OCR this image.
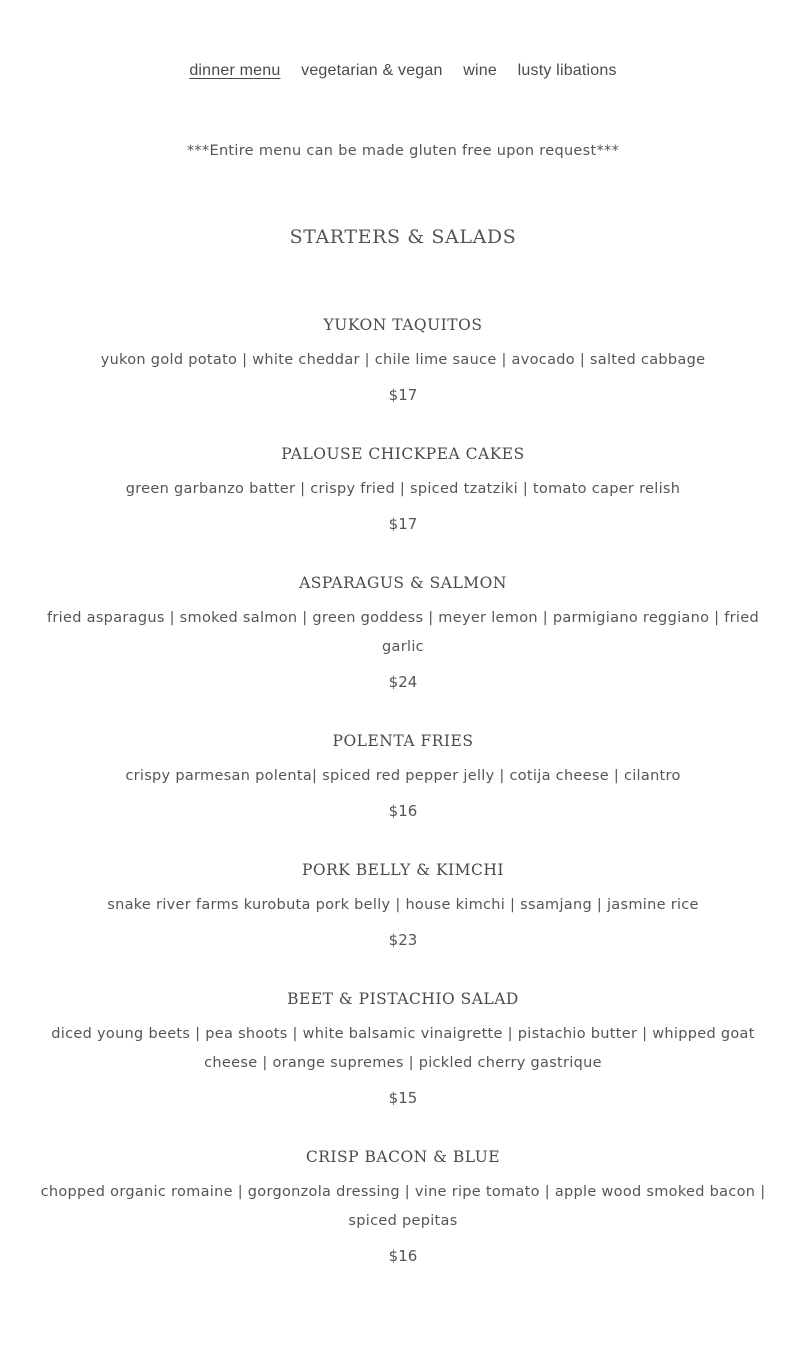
dinner menu vegetarian & vegan wine lusty libations
***Entire menu can be made gluten free upon request***
STARTERS & SALADS
YUKON TAQUITOS
yukon gold potato | white cheddar | chile lime sauce | avocado | salted cabbage
$17
PALOUSE CHICKPEA CAKES
green garbanzo batter | crispy fried | spiced tzatziki | tomato caper relish
$17
ASPARAGUS & SALMON
fried asparagus | smoked salmon | green goddess | meyer lemon | parmigiano reggiano | fried garlic
$24
POLENTA FRIES
crispy parmesan polenta| spiced red pepper jelly | cotija cheese | cilantro
$16
PORK BELLY & KIMCHI
snake river farms kurobuta pork belly | house kimchi | ssamjang | jasmine rice
$23
BEET & PISTACHIO SALAD
diced young beets | pea shoots | white balsamic vinaigrette | pistachio butter | whipped goat cheese | orange supremes | pickled cherry gastrique
$15
CRISP BACON & BLUE
chopped organic romaine | gorgonzola dressing | vine ripe tomato | apple wood smoked bacon | spiced pepitas
$16
